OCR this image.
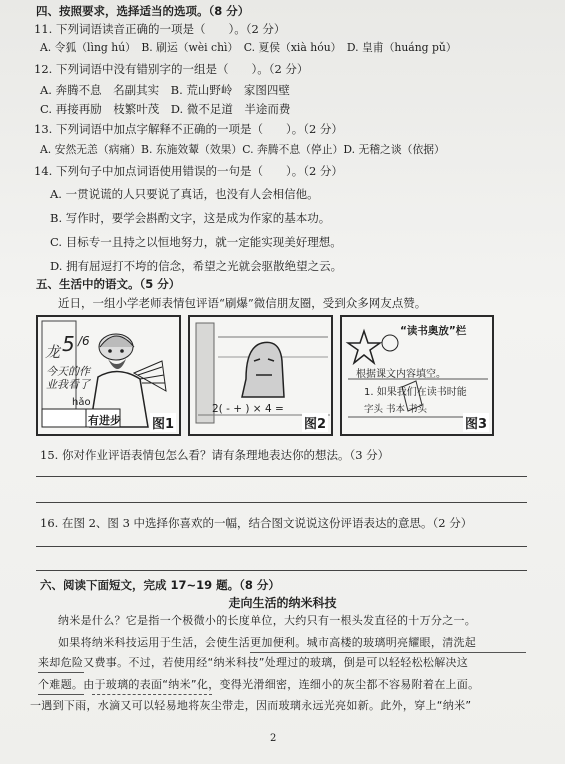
四、按照要求，选择适当的选项。（8 分）
11. 下列词语读音正确的一项是（　　）。（2 分）
A. 令狐（lìng hú）　B. 刷运（wèi chì）　C. 夏侯（xià hóu）　D. 皇甫（huáng pǔ）
12. 下列词语中没有错别字的一组是（　　）。（2 分）
A. 奔腾不息　名副其实　B. 荒山野岭　家图四壁
C. 再接再励　枝繁叶茂　D. 微不足道　半途而费
13. 下列词语中加点字解释不正确的一项是（　　）。（2 分）
A. 安然无恙（病痛）B. 东施效颦（效果）C. 奔腾不息（停止）D. 无稽之谈（依据）
14. 下列句子中加点词语使用错误的一句是（　　）。（2 分）
A. 一贯说谎的人只要说了真话，也没有人会相信他。
B. 写作时，要学会斟酌文字，这是成为作家的基本功。
C. 目标专一且持之以恒地努力，就一定能实现美好理想。
D. 拥有屈逗打不垮的信念，希望之光就会驱散绝望之云。
五、生活中的语文。（5 分）
近日，一组小学老师表情包评语“刷爆”微信朋友圈，受到众多网友点赞。
龙 5 /6
今天的作业我看了
hǎo
有进步 图1
2( - + ) × 4 =
图2
“读书奥放”栏
根据课文内容填空。
1. 如果我们在读书时能
字头 书本 书头
图3
15. 你对作业评语表情包怎么看？请有条理地表达你的想法。（3 分）
16. 在图 2、图 3 中选择你喜欢的一幅，结合图文说说这份评语表达的意思。（2 分）
六、阅读下面短文，完成 17~19 题。（8 分）
走向生活的纳米科技
纳米是什么？它是指一个极微小的长度单位，大约只有一根头发直径的十万分之一。
如果将纳米科技运用于生活，会使生活更加便利。城市高楼的玻璃明亮耀眼，清洗起
来却危险又费事。不过，若使用经“纳米科技”处理过的玻璃，倒是可以轻轻松松解决这
个难题。由于玻璃的表面“纳米”化，变得光滑细密，连细小的灰尘都不容易附着在上面。
一遇到下雨，水滴又可以轻易地将灰尘带走，因而玻璃永远光亮如新。此外，穿上“纳米”
2
